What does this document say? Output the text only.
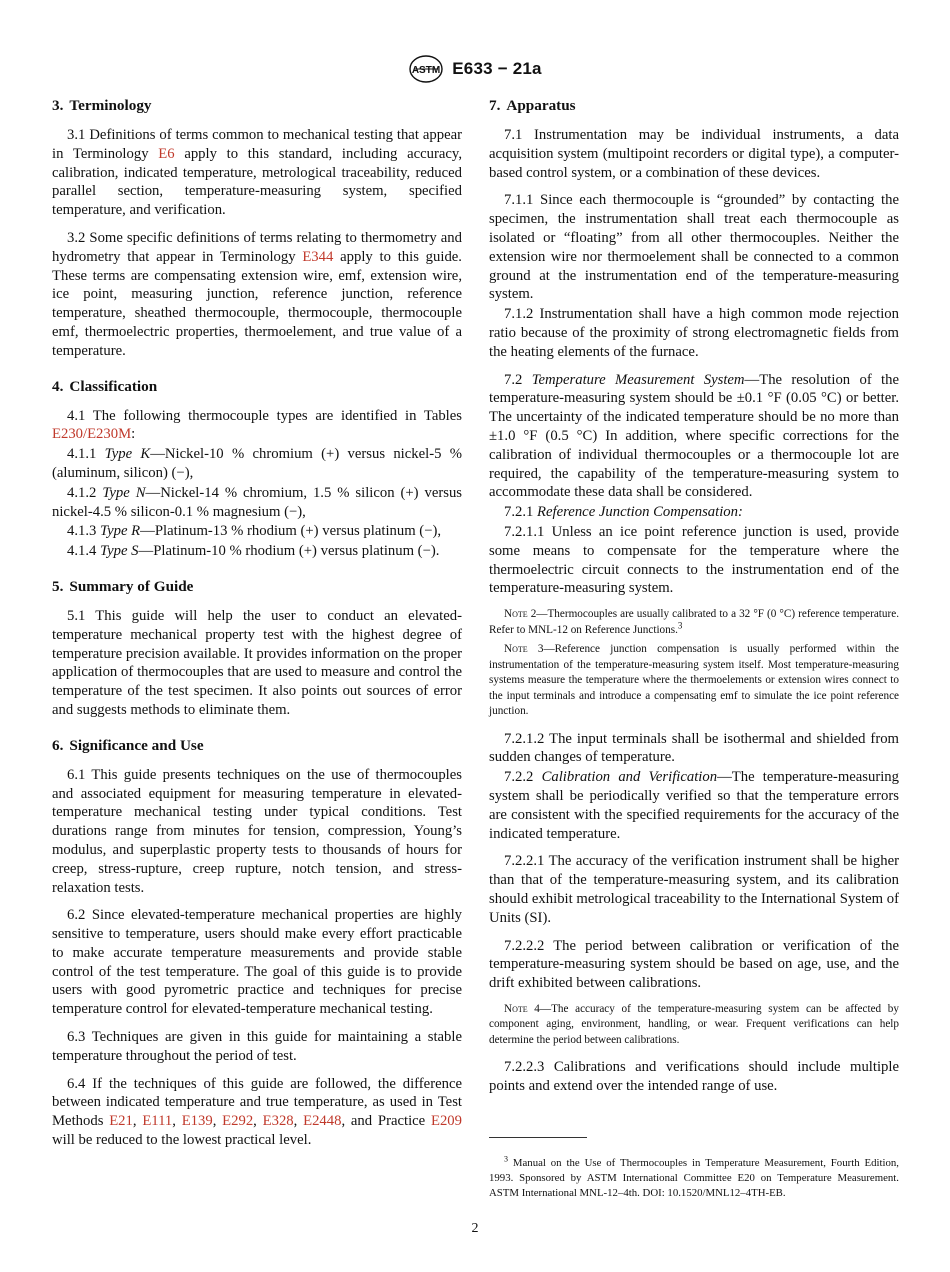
ASTM E633 − 21a
3. Terminology

3.1 Definitions of terms common to mechanical testing that appear in Terminology E6 apply to this standard, including accuracy, calibration, indicated temperature, metrological traceability, reduced parallel section, temperature-measuring system, specified temperature, and verification.

3.2 Some specific definitions of terms relating to thermometry and hydrometry that appear in Terminology E344 apply to this guide. These terms are compensating extension wire, emf, extension wire, ice point, measuring junction, reference junction, reference temperature, sheathed thermocouple, thermocouple, thermocouple emf, thermoelectric properties, thermoelement, and true value of a temperature.

4. Classification

4.1 The following thermocouple types are identified in Tables E230/E230M:

4.1.1 Type K—Nickel-10 % chromium (+) versus nickel-5 % (aluminum, silicon) (−),

4.1.2 Type N—Nickel-14 % chromium, 1.5 % silicon (+) versus nickel-4.5 % silicon-0.1 % magnesium (−),

4.1.3 Type R—Platinum-13 % rhodium (+) versus platinum (−),

4.1.4 Type S—Platinum-10 % rhodium (+) versus platinum (−).

5. Summary of Guide

5.1 This guide will help the user to conduct an elevated-temperature mechanical property test with the highest degree of temperature precision available. It provides information on the proper application of thermocouples that are used to measure and control the temperature of the test specimen. It also points out sources of error and suggests methods to eliminate them.

6. Significance and Use

6.1 This guide presents techniques on the use of thermocouples and associated equipment for measuring temperature in elevated-temperature mechanical testing under typical conditions. Test durations range from minutes for tension, compression, Young’s modulus, and superplastic property tests to thousands of hours for creep, stress-rupture, creep rupture, notch tension, and stress-relaxation tests.

6.2 Since elevated-temperature mechanical properties are highly sensitive to temperature, users should make every effort practicable to make accurate temperature measurements and provide stable control of the test temperature. The goal of this guide is to provide users with good pyrometric practice and techniques for precise temperature control for elevated-temperature mechanical testing.

6.3 Techniques are given in this guide for maintaining a stable temperature throughout the period of test.

6.4 If the techniques of this guide are followed, the difference between indicated temperature and true temperature, as used in Test Methods E21, E111, E139, E292, E328, E2448, and Practice E209 will be reduced to the lowest practical level.

7. Apparatus

7.1 Instrumentation may be individual instruments, a data acquisition system (multipoint recorders or digital type), a computer-based control system, or a combination of these devices.

7.1.1 Since each thermocouple is “grounded” by contacting the specimen, the instrumentation shall treat each thermocouple as isolated or “floating” from all other thermocouples. Neither the extension wire nor thermoelement shall be connected to a common ground at the instrumentation end of the temperature-measuring system.

7.1.2 Instrumentation shall have a high common mode rejection ratio because of the proximity of strong electromagnetic fields from the heating elements of the furnace.

7.2 Temperature Measurement System—The resolution of the temperature-measuring system should be ±0.1 °F (0.05 °C) or better. The uncertainty of the indicated temperature should be no more than ±1.0 °F (0.5 °C) In addition, where specific corrections for the calibration of individual thermocouples or a thermocouple lot are required, the capability of the temperature-measuring system to accommodate these data shall be considered.

7.2.1 Reference Junction Compensation:

7.2.1.1 Unless an ice point reference junction is used, provide some means to compensate for the temperature where the thermoelectric circuit connects to the instrumentation end of the temperature-measuring system.

Note 2—Thermocouples are usually calibrated to a 32 °F (0 °C) reference temperature. Refer to MNL-12 on Reference Junctions.$^3$

Note 3—Reference junction compensation is usually performed within the instrumentation of the temperature-measuring system itself. Most temperature-measuring systems measure the temperature where the thermoelements or extension wires connect to the input terminals and introduce a compensating emf to simulate the ice point reference junction.

7.2.1.2 The input terminals shall be isothermal and shielded from sudden changes of temperature.

7.2.2 Calibration and Verification—The temperature-measuring system shall be periodically verified so that the temperature errors are consistent with the specified requirements for the accuracy of the indicated temperature.

7.2.2.1 The accuracy of the verification instrument shall be higher than that of the temperature-measuring system, and its calibration should exhibit metrological traceability to the International System of Units (SI).

7.2.2.2 The period between calibration or verification of the temperature-measuring system should be based on age, use, and the drift exhibited between calibrations.

Note 4—The accuracy of the temperature-measuring system can be affected by component aging, environment, handling, or wear. Frequent verifications can help determine the period between calibrations.

7.2.2.3 Calibrations and verifications should include multiple points and extend over the intended range of use.

$^3$ Manual on the Use of Thermocouples in Temperature Measurement, Fourth Edition, 1993. Sponsored by ASTM International Committee E20 on Temperature Measurement. ASTM International MNL-12–4th. DOI: 10.1520/MNL12–4TH-EB.

2
